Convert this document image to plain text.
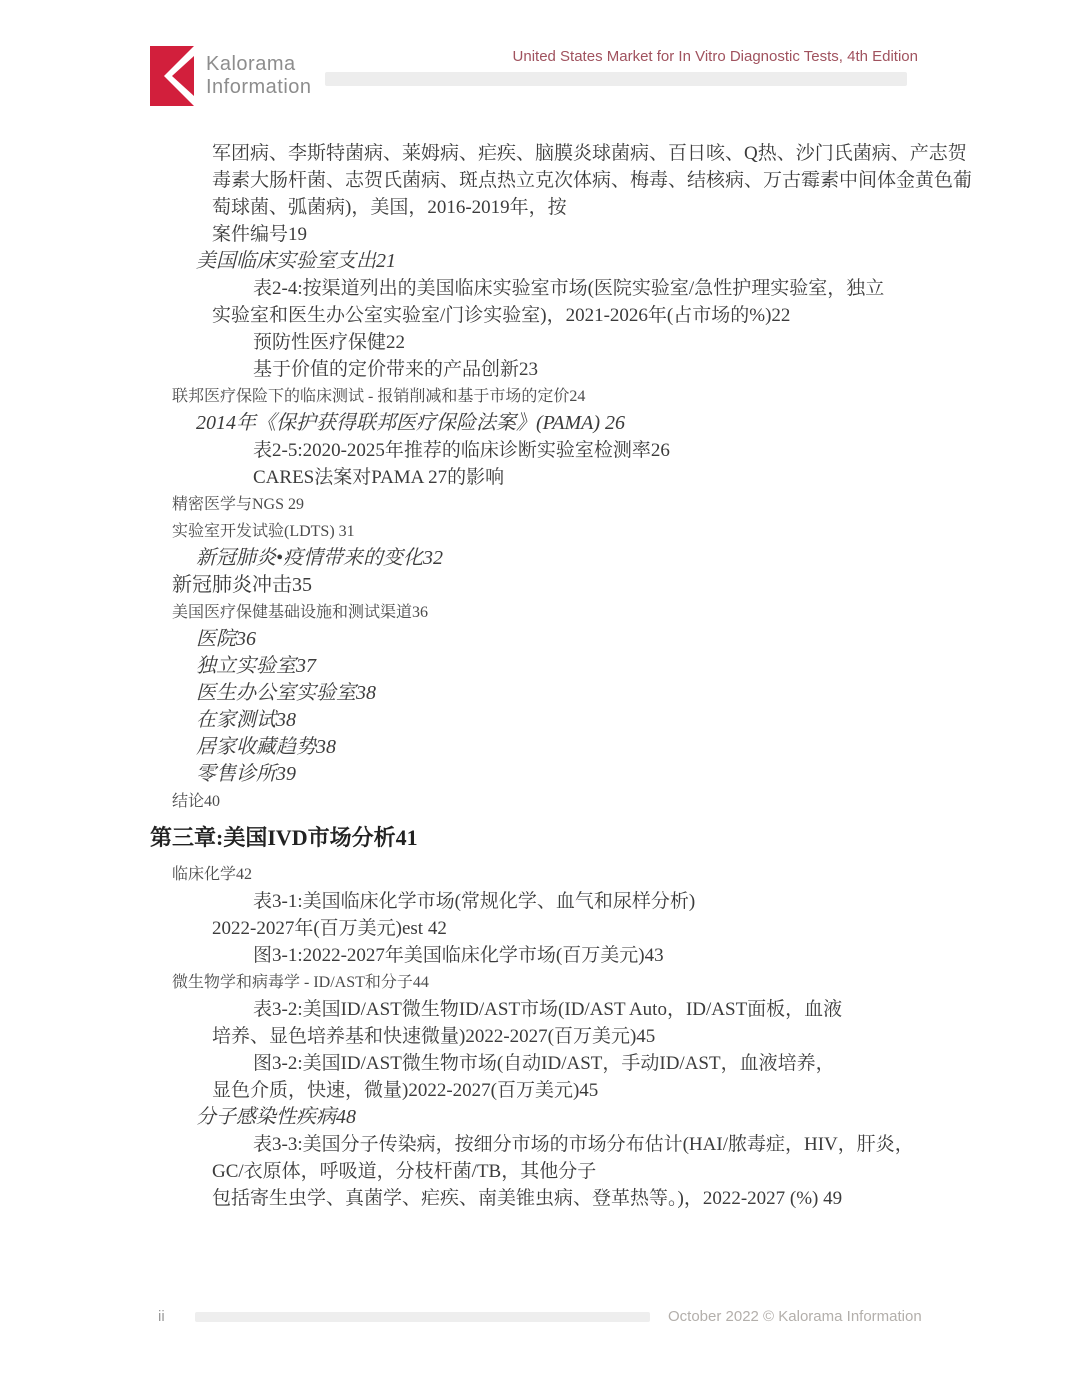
Kalorama
Information
United States Market for In Vitro Diagnostic Tests, 4th Edition
军团病、李斯特菌病、莱姆病、疟疾、脑膜炎球菌病、百日咳、Q热、沙门氏菌病、产志贺
毒素大肠杆菌、志贺氏菌病、斑点热立克次体病、梅毒、结核病、万古霉素中间体金黄色葡
萄球菌、弧菌病)，美国，2016-2019年，按
案件编号19
美国临床实验室支出21
表2-4:按渠道列出的美国临床实验室市场(医院实验室/急性护理实验室，独立
实验室和医生办公室实验室/门诊实验室)，2021-2026年(占市场的%)22
预防性医疗保健22
基于价值的定价带来的产品创新23
联邦医疗保险下的临床测试 - 报销削减和基于市场的定价24
2014年《保护获得联邦医疗保险法案》(PAMA) 26
表2-5:2020-2025年推荐的临床诊断实验室检测率26
CARES法案对PAMA 27的影响
精密医学与NGS 29
实验室开发试验(LDTS) 31
新冠肺炎•疫情带来的变化32
新冠肺炎冲击35
美国医疗保健基础设施和测试渠道36
医院36
独立实验室37
医生办公室实验室38
在家测试38
居家收藏趋势38
零售诊所39
结论40
第三章:美国IVD市场分析41
临床化学42
表3-1:美国临床化学市场(常规化学、血气和尿样分析)
2022-2027年(百万美元)est 42
图3-1:2022-2027年美国临床化学市场(百万美元)43
微生物学和病毒学 - ID/AST和分子44
表3-2:美国ID/AST微生物ID/AST市场(ID/AST Auto，ID/AST面板，血液
培养、显色培养基和快速微量)2022-2027(百万美元)45
图3-2:美国ID/AST微生物市场(自动ID/AST，手动ID/AST，血液培养，
显色介质，快速，微量)2022-2027(百万美元)45
分子感染性疾病48
表3-3:美国分子传染病，按细分市场的市场分布估计(HAI/脓毒症，HIV，肝炎，
GC/衣原体，呼吸道，分枝杆菌/TB，其他分子
包括寄生虫学、真菌学、疟疾、南美锥虫病、登革热等。)，2022-2027 (%) 49
ii	October 2022 © Kalorama Information
